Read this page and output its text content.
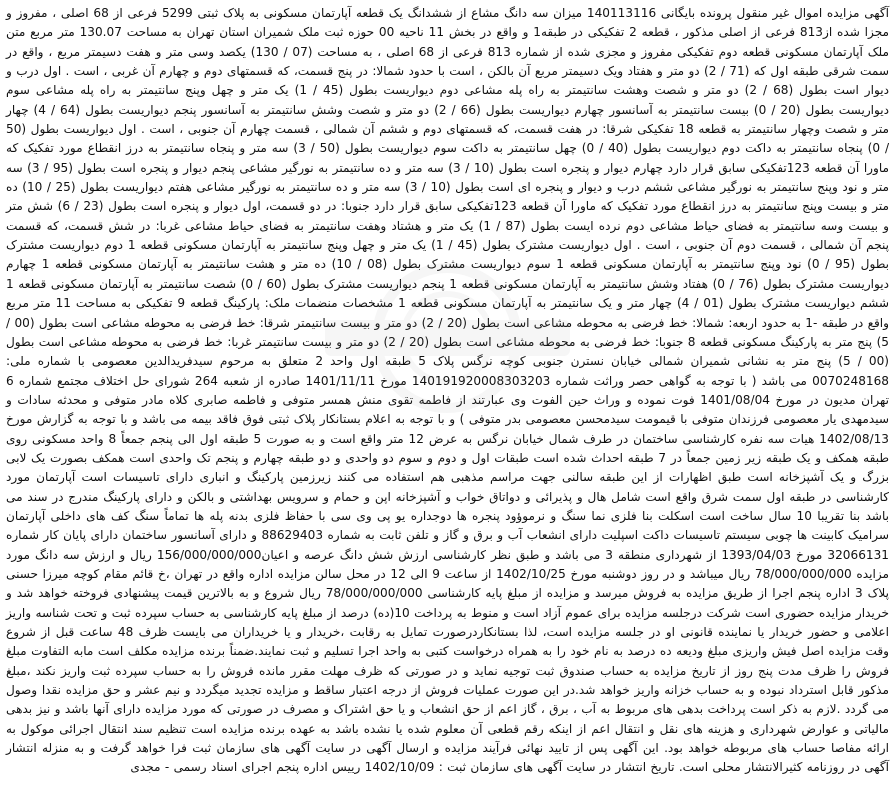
آگهی مزایده اموال غیر منقول پرونده بایگانی 140113116 میزان سه دانگ مشاع از ششدانگ یک قطعه آپارتمان مسکونی به پلاک ثبتی 5299 فرعی از 68 اصلی ، مفروز و مجزا شده از813 فرعی از اصلی مذکور ، قطعه 2 تفکیکی در طبقه1 و واقع در بخش 11 ناحیه 00 حوزه ثبت ملک شمیران استان تهران به مساحت 130.07 متر مربع متن ملک آپارتمان مسکونی قطعه دوم تفکیکی مفروز و مجزی شده از شماره 813 فرعی از 68 اصلی ، به مساحت (07 / 130) یکصد وسی متر و هفت دسیمتر مربع ، واقع در سمت شرقی طبقه اول که (71 / 2) دو متر و هفتاد ویک دسیمتر مربع آن بالکن ، است با حدود شمالا: در پنج قسمت، که قسمتهای دوم و چهارم آن غربی ، است . اول درب و دیوار است بطول (68 / 2) دو متر و شصت وهشت سانتیمتر به راه پله مشاعی دوم دیواریست بطول (45 / 1) یک متر و چهل وپنج سانتیمتر به راه پله مشاعی سوم دیواریست بطول (20 / 0) بیست سانتیمتر به آسانسور چهارم دیواریست بطول (66 / 2) دو متر و شصت وشش سانتیمتر به آسانسور پنجم دیواریست بطول (64 / 4) چهار متر و شصت وچهار سانتیمتر به قطعه 18 تفکیکی شرقا: در هفت قسمت، که قسمتهای دوم و ششم آن شمالی ، قسمت چهارم آن جنوبی ، است . اول دیواریست بطول (50 / 0) پنجاه سانتیمتر به داکت دوم دیواریست بطول (40 / 0) چهل سانتیمتر به داکت سوم دیواریست بطول (50 / 3) سه متر و پنجاه سانتیمتر به درز انقطاع مورد تفکیک که ماورا آن قطعه 123تفکیکی سابق قرار دارد چهارم دیوار و پنجره است بطول (10 / 3) سه متر و ده سانتیمتر به نورگیر مشاعی پنجم دیوار و پنجره است بطول (95 / 3) سه متر و نود وپنج سانتیمتر به نورگیر مشاعی ششم درب و دیوار و پنجره ای است بطول (10 / 3) سه متر و ده سانتیمتر به نورگیر مشاعی هفتم دیواریست بطول (25 / 10) ده متر و بیست وپنج سانتیمتر به درز انقطاع مورد تفکیک که ماورا آن قطعه 123تفکیکی سابق قرار دارد جنوبا: در دو قسمت، اول دیوار و پنجره است بطول (23 / 6) شش متر و بیست وسه سانتیمتر به فضای حیاط مشاعی دوم نرده ایست بطول (87 / 1) یک متر و هشتاد وهفت سانتیمتر به فضای حیاط مشاعی غربا: در شش قسمت، که قسمت پنجم آن شمالی ، قسمت دوم آن جنوبی ، است . اول دیواریست مشترک بطول (45 / 1) یک متر و چهل وپنج سانتیمتر به آپارتمان مسکونی قطعه 1 دوم دیواریست مشترک بطول (95 / 0) نود وپنج سانتیمتر به آپارتمان مسکونی قطعه 1 سوم دیواریست مشترک بطول (08 / 10) ده متر و هشت سانتیمتر به آپارتمان مسکونی قطعه 1 چهارم دیواریست مشترک بطول (76 / 0) هفتاد وشش سانتیمتر به آپارتمان مسکونی قطعه 1 پنجم دیواریست مشترک بطول (60 / 0) شصت سانتیمتر به آپارتمان مسکونی قطعه 1 ششم دیواریست مشترک بطول (01 / 4) چهار متر و یک سانتیمتر به آپارتمان مسکونی قطعه 1 مشخصات منضمات ملک: پارکینگ قطعه 9 تفکیکی به مساحت 11 متر مربع واقع در طبقه -1 به حدود اربعه: شمالا: خط فرضی به محوطه مشاعی است بطول (20 / 2) دو متر و بیست سانتیمتر شرقا: خط فرضی به محوطه مشاعی است بطول (00 / 5) پنج متر به پارکینگ مسکونی قطعه 8 جنوبا: خط فرضی به محوطه مشاعی است بطول (20 / 2) دو متر و بیست سانتیمتر غربا: خط فرضی به محوطه مشاعی است بطول (00 / 5) پنج متر به نشانی شمیران شمالی خیابان نسترن جنوبی کوچه نرگس پلاک 5 طبقه اول واحد 2 متعلق به مرحوم سیدفریدالدین معصومی با شماره ملی: 0070248168 می باشد ( با توجه به گواهی حصر وراثت شماره 140191920008303203 مورخ 1401/11/11 صادره از شعبه 264 شورای حل اختلاف مجتمع شماره 6 تهران مدیون در مورخ 1401/08/04 فوت نموده و وراث حین الفوت وی عبارتند از فاطمه تقوی منش همسر متوفی و فاطمه صابری کلاه مادر متوفی و محدثه سادات و سیدمهدی یار معصومی فرزندان متوفی با قیمومت سیدمحسن معصومی بدر متوفی ) و با توجه به اعلام بستانکار پلاک ثبتی فوق فاقد بیمه می باشد و با توجه به گزارش مورخ 1402/08/13 هیات سه نفره کارشناسی ساختمان در طرف شمال خیابان نرگس به عرض 12 متر واقع است و به صورت 5 طبقه اول الی پنجم جمعاً 8 واحد مسکونی روی طبقه همکف و یک طبقه زیر زمین جمعاً در 7 طبقه احداث شده است طبقات اول و دوم و سوم دو واحدی و دو طبقه چهارم و پنجم تک واحدی است همکف بصورت یک لابی بزرگ و یک آشپزخانه است طبق اظهارات از این طبقه سالنی جهت مراسم مذهبی هم استفاده می کنند زیرزمین پارکینگ و انباری دارای تاسیسات است آپارتمان مورد کارشناسی در طبقه اول سمت شرق واقع است شامل هال و پذیرائی و دواتاق خواب و آشپزخانه اپن و حمام و سرویس بهداشتی و بالکن و دارای پارکینگ مندرج در سند می باشد بنا تقریبا 10 سال ساخت است اسکلت بنا فلزی نما سنگ و نرموؤود پنجره ها دوجداره یو پی وی سی با حفاظ فلزی بدنه پله ها تماماً سنگ کف های داخلی آپارتمان سرامیک کابینت ها چوبی سیستم تاسیسات داکت اسپلیت دارای انشعاب آب و برق و گاز و تلفن ثابت به شماره 88629403 و دارای آسانسور ساختمان دارای پایان کار شماره 32066131 مورخ 1393/04/03 از شهرداری منطقه 3 می باشد و طبق نظر کارشناسی ارزش شش دانگ عرصه و اعیان156/000/000/000 ریال و ارزش سه دانگ مورد مزایده 78/000/000/000 ریال میباشد و در روز دوشنبه مورخ 1402/10/25 از ساعت 9 الی 12 در محل سالن مزایده اداره واقع در تهران ،خ قائم مقام کوچه میرزا حسنی پلاک 3 اداره پنجم اجرا از طریق مزایده به فروش میرسد و مزایده از مبلغ پایه کارشناسی 78/000/000/000 ریال شروع و به بالاترین قیمت پیشنهادی فروخته خواهد شد و خریدار مزایده حضوری است شرکت درجلسه مزایده برای عموم آزاد است و منوط به پرداخت 10(ده) درصد از مبلغ پایه کارشناسی به حساب سپرده ثبت و تحت شناسه واریز اعلامی و حضور خریدار یا نماینده قانونی او در جلسه مزایده است، لذا بستانکاردرصورت تمایل به رقابت ،خریدار و یا خریداران می بایست ظرف 48 ساعت قبل از شروع وقت مزایده اصل فیش واریزی مبلغ ودیعه ده درصد به نام خود را به همراه درخواست کتبی به واحد اجرا تسلیم و ثبت نمایند.ضمناً برنده مزایده مکلف است مابه التفاوت مبلغ فروش را ظرف مدت پنج روز از تاریخ مزایده به حساب صندوق ثبت توجیه نماید و در صورتی که ظرف مهلت مقرر مانده فروش را به حساب سپرده ثبت واریز نکند ،مبلغ مذکور قابل استرداد نبوده و به حساب خزانه واریز خواهد شد.در این صورت عملیات فروش از درجه اعتبار ساقط و مزایده تجدید میگردد و نیم عشر و حق مزایده نقدا وصول می گردد .لازم به ذکر است پرداخت بدهی های مربوط به آب ، برق ، گاز اعم از حق انشعاب و یا حق اشتراک و مصرف در صورتی که مورد مزایده دارای آنها باشد و نیز بدهی مالیاتی و عوارض شهرداری و هزینه های نقل و انتقال اعم از اینکه رقم قطعی آن معلوم شده یا نشده باشد به عهده برنده مزایده است تنظیم سند انتقال اجرائی موکول به ارائه مفاصا حساب های مربوطه خواهد بود. این آگهی پس از تایید نهائی فرآیند مزایده و ارسال آگهی در سایت آگهی های سازمان ثبت فرا خواهد گرفت و به منزله انتشار آگهی در روزنامه کثیرالانتشار محلی است. تاریخ انتشار در سایت آگهی های سازمان ثبت : 1402/10/09 رییس اداره پنجم اجرای اسناد رسمی - مجدی
